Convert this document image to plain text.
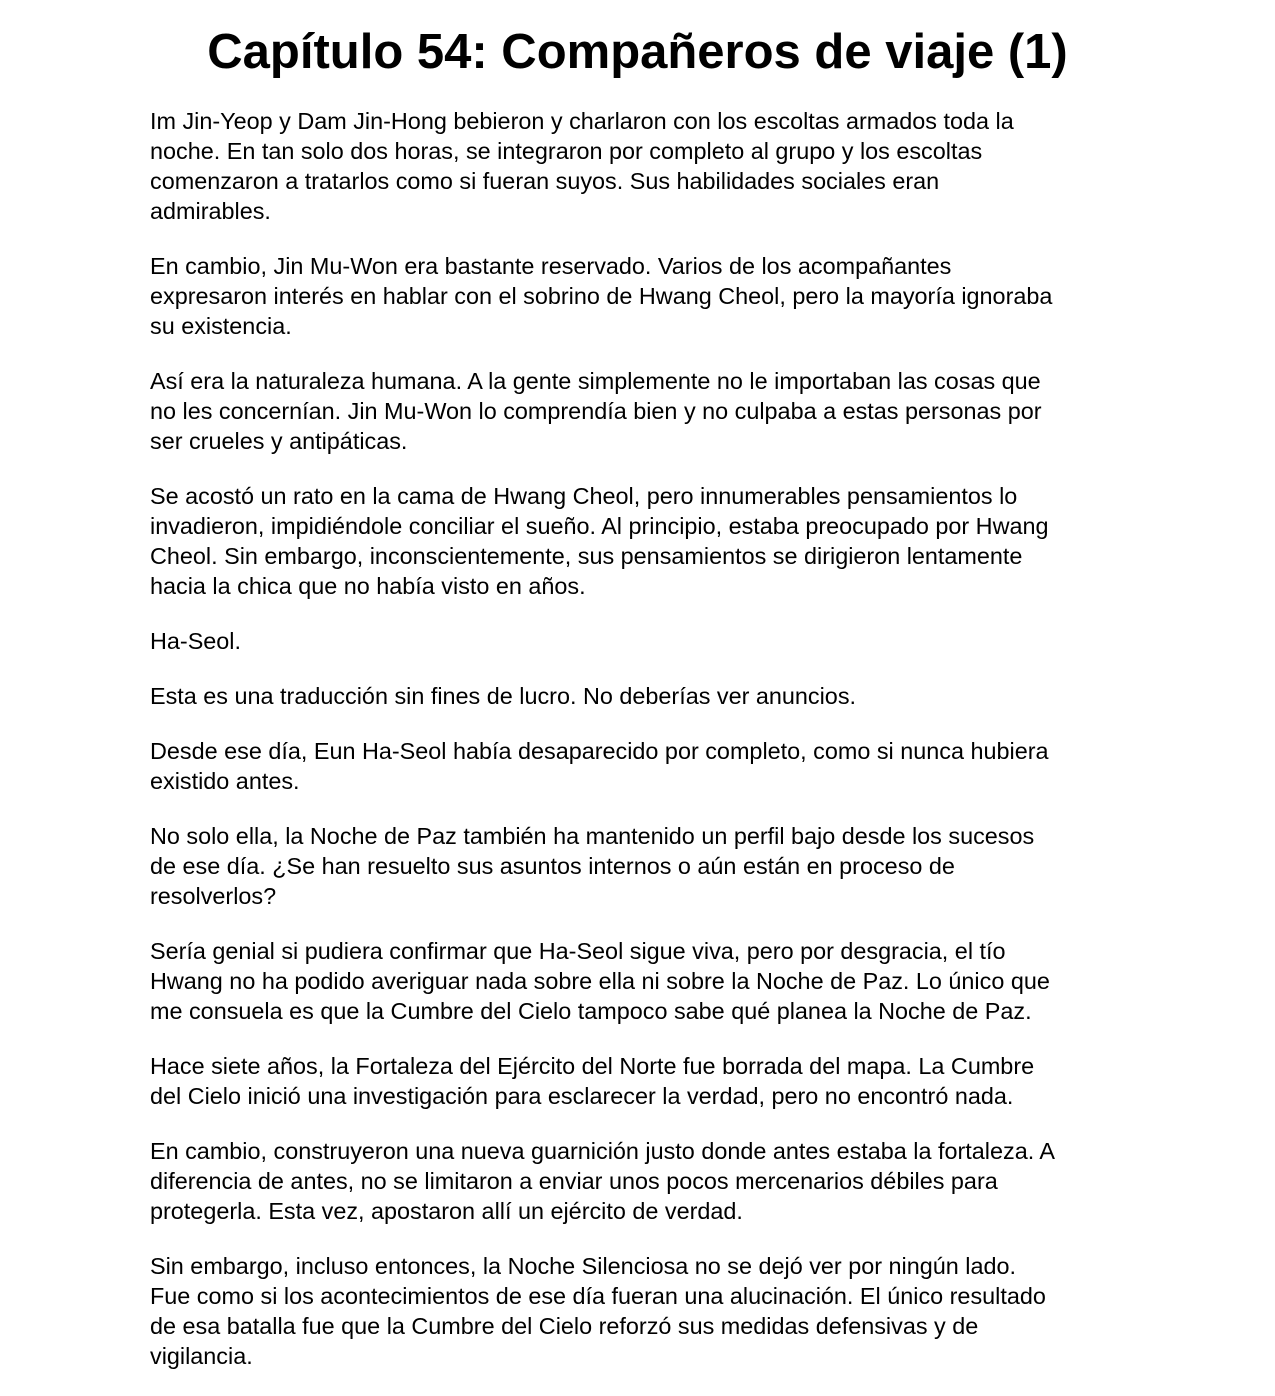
Capítulo 54: Compañeros de viaje (1)

Im Jin-Yeop y Dam Jin-Hong bebieron y charlaron con los escoltas armados toda la
noche. En tan solo dos horas, se integraron por completo al grupo y los escoltas
comenzaron a tratarlos como si fueran suyos. Sus habilidades sociales eran
admirables.

En cambio, Jin Mu-Won era bastante reservado. Varios de los acompañantes
expresaron interés en hablar con el sobrino de Hwang Cheol, pero la mayoría ignoraba
su existencia.

Así era la naturaleza humana. A la gente simplemente no le importaban las cosas que
no les concernían. Jin Mu-Won lo comprendía bien y no culpaba a estas personas por
ser crueles y antipáticas.

Se acostó un rato en la cama de Hwang Cheol, pero innumerables pensamientos lo
invadieron, impidiéndole conciliar el sueño. Al principio, estaba preocupado por Hwang
Cheol. Sin embargo, inconscientemente, sus pensamientos se dirigieron lentamente
hacia la chica que no había visto en años.

Ha-Seol.

Esta es una traducción sin fines de lucro. No deberías ver anuncios.

Desde ese día, Eun Ha-Seol había desaparecido por completo, como si nunca hubiera
existido antes.

No solo ella, la Noche de Paz también ha mantenido un perfil bajo desde los sucesos
de ese día. ¿Se han resuelto sus asuntos internos o aún están en proceso de
resolverlos?

Sería genial si pudiera confirmar que Ha-Seol sigue viva, pero por desgracia, el tío
Hwang no ha podido averiguar nada sobre ella ni sobre la Noche de Paz. Lo único que
me consuela es que la Cumbre del Cielo tampoco sabe qué planea la Noche de Paz.

Hace siete años, la Fortaleza del Ejército del Norte fue borrada del mapa. La Cumbre
del Cielo inició una investigación para esclarecer la verdad, pero no encontró nada.

En cambio, construyeron una nueva guarnición justo donde antes estaba la fortaleza. A
diferencia de antes, no se limitaron a enviar unos pocos mercenarios débiles para
protegerla. Esta vez, apostaron allí un ejército de verdad.

Sin embargo, incluso entonces, la Noche Silenciosa no se dejó ver por ningún lado.
Fue como si los acontecimientos de ese día fueran una alucinación. El único resultado
de esa batalla fue que la Cumbre del Cielo reforzó sus medidas defensivas y de
vigilancia.
